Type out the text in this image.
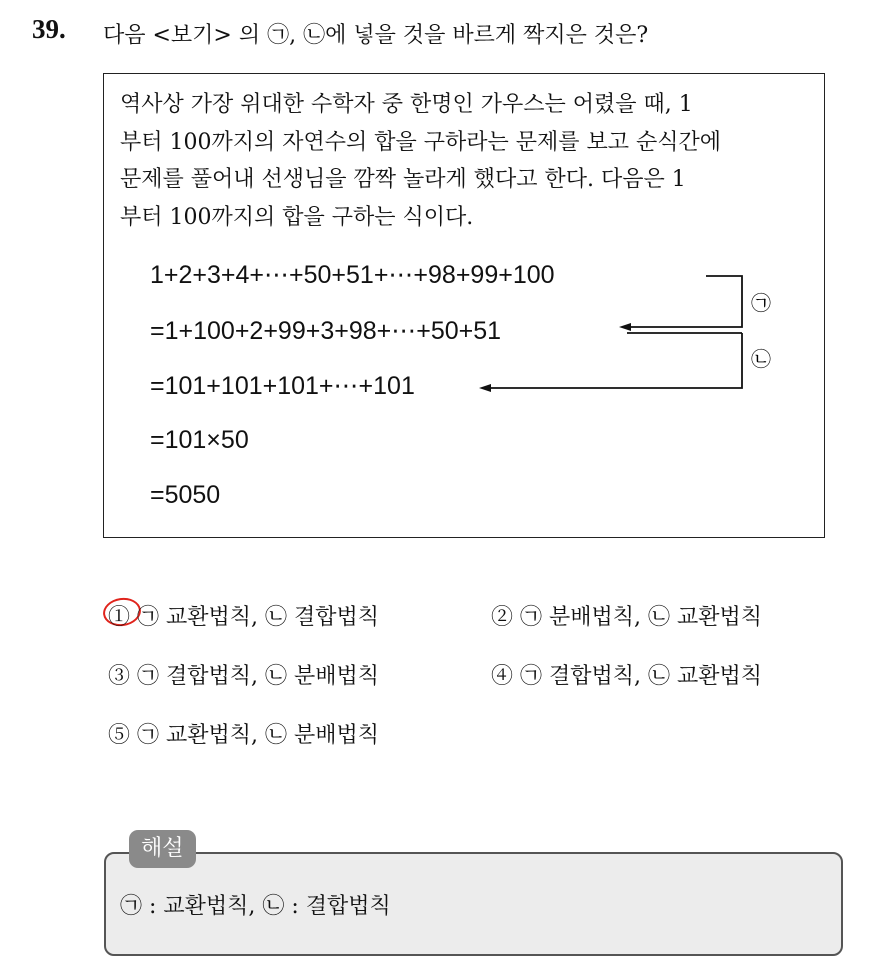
39. 다음 <보기> 의 ㉠, ㉡에 넣을 것을 바르게 짝지은 것은?
역사상 가장 위대한 수학자 중 한명인 가우스는 어렸을 때, 1
부터 100까지의 자연수의 합을 구하라는 문제를 보고 순식간에
문제를 풀어내 선생님을 깜짝 놀라게 했다고 한다. 다음은 1
부터 100까지의 합을 구하는 식이다.
1+2+3+4+⋯+50+51+⋯+98+99+100
=1+100+2+99+3+98+⋯+50+51
=101+101+101+⋯+101
=101×50
=5050
㉠
㉡
① ㉠ 교환법칙, ㉡ 결합법칙	② ㉠ 분배법칙, ㉡ 교환법칙
③ ㉠ 결합법칙, ㉡ 분배법칙	④ ㉠ 결합법칙, ㉡ 교환법칙
⑤ ㉠ 교환법칙, ㉡ 분배법칙
해설
㉠ : 교환법칙, ㉡ : 결합법칙
